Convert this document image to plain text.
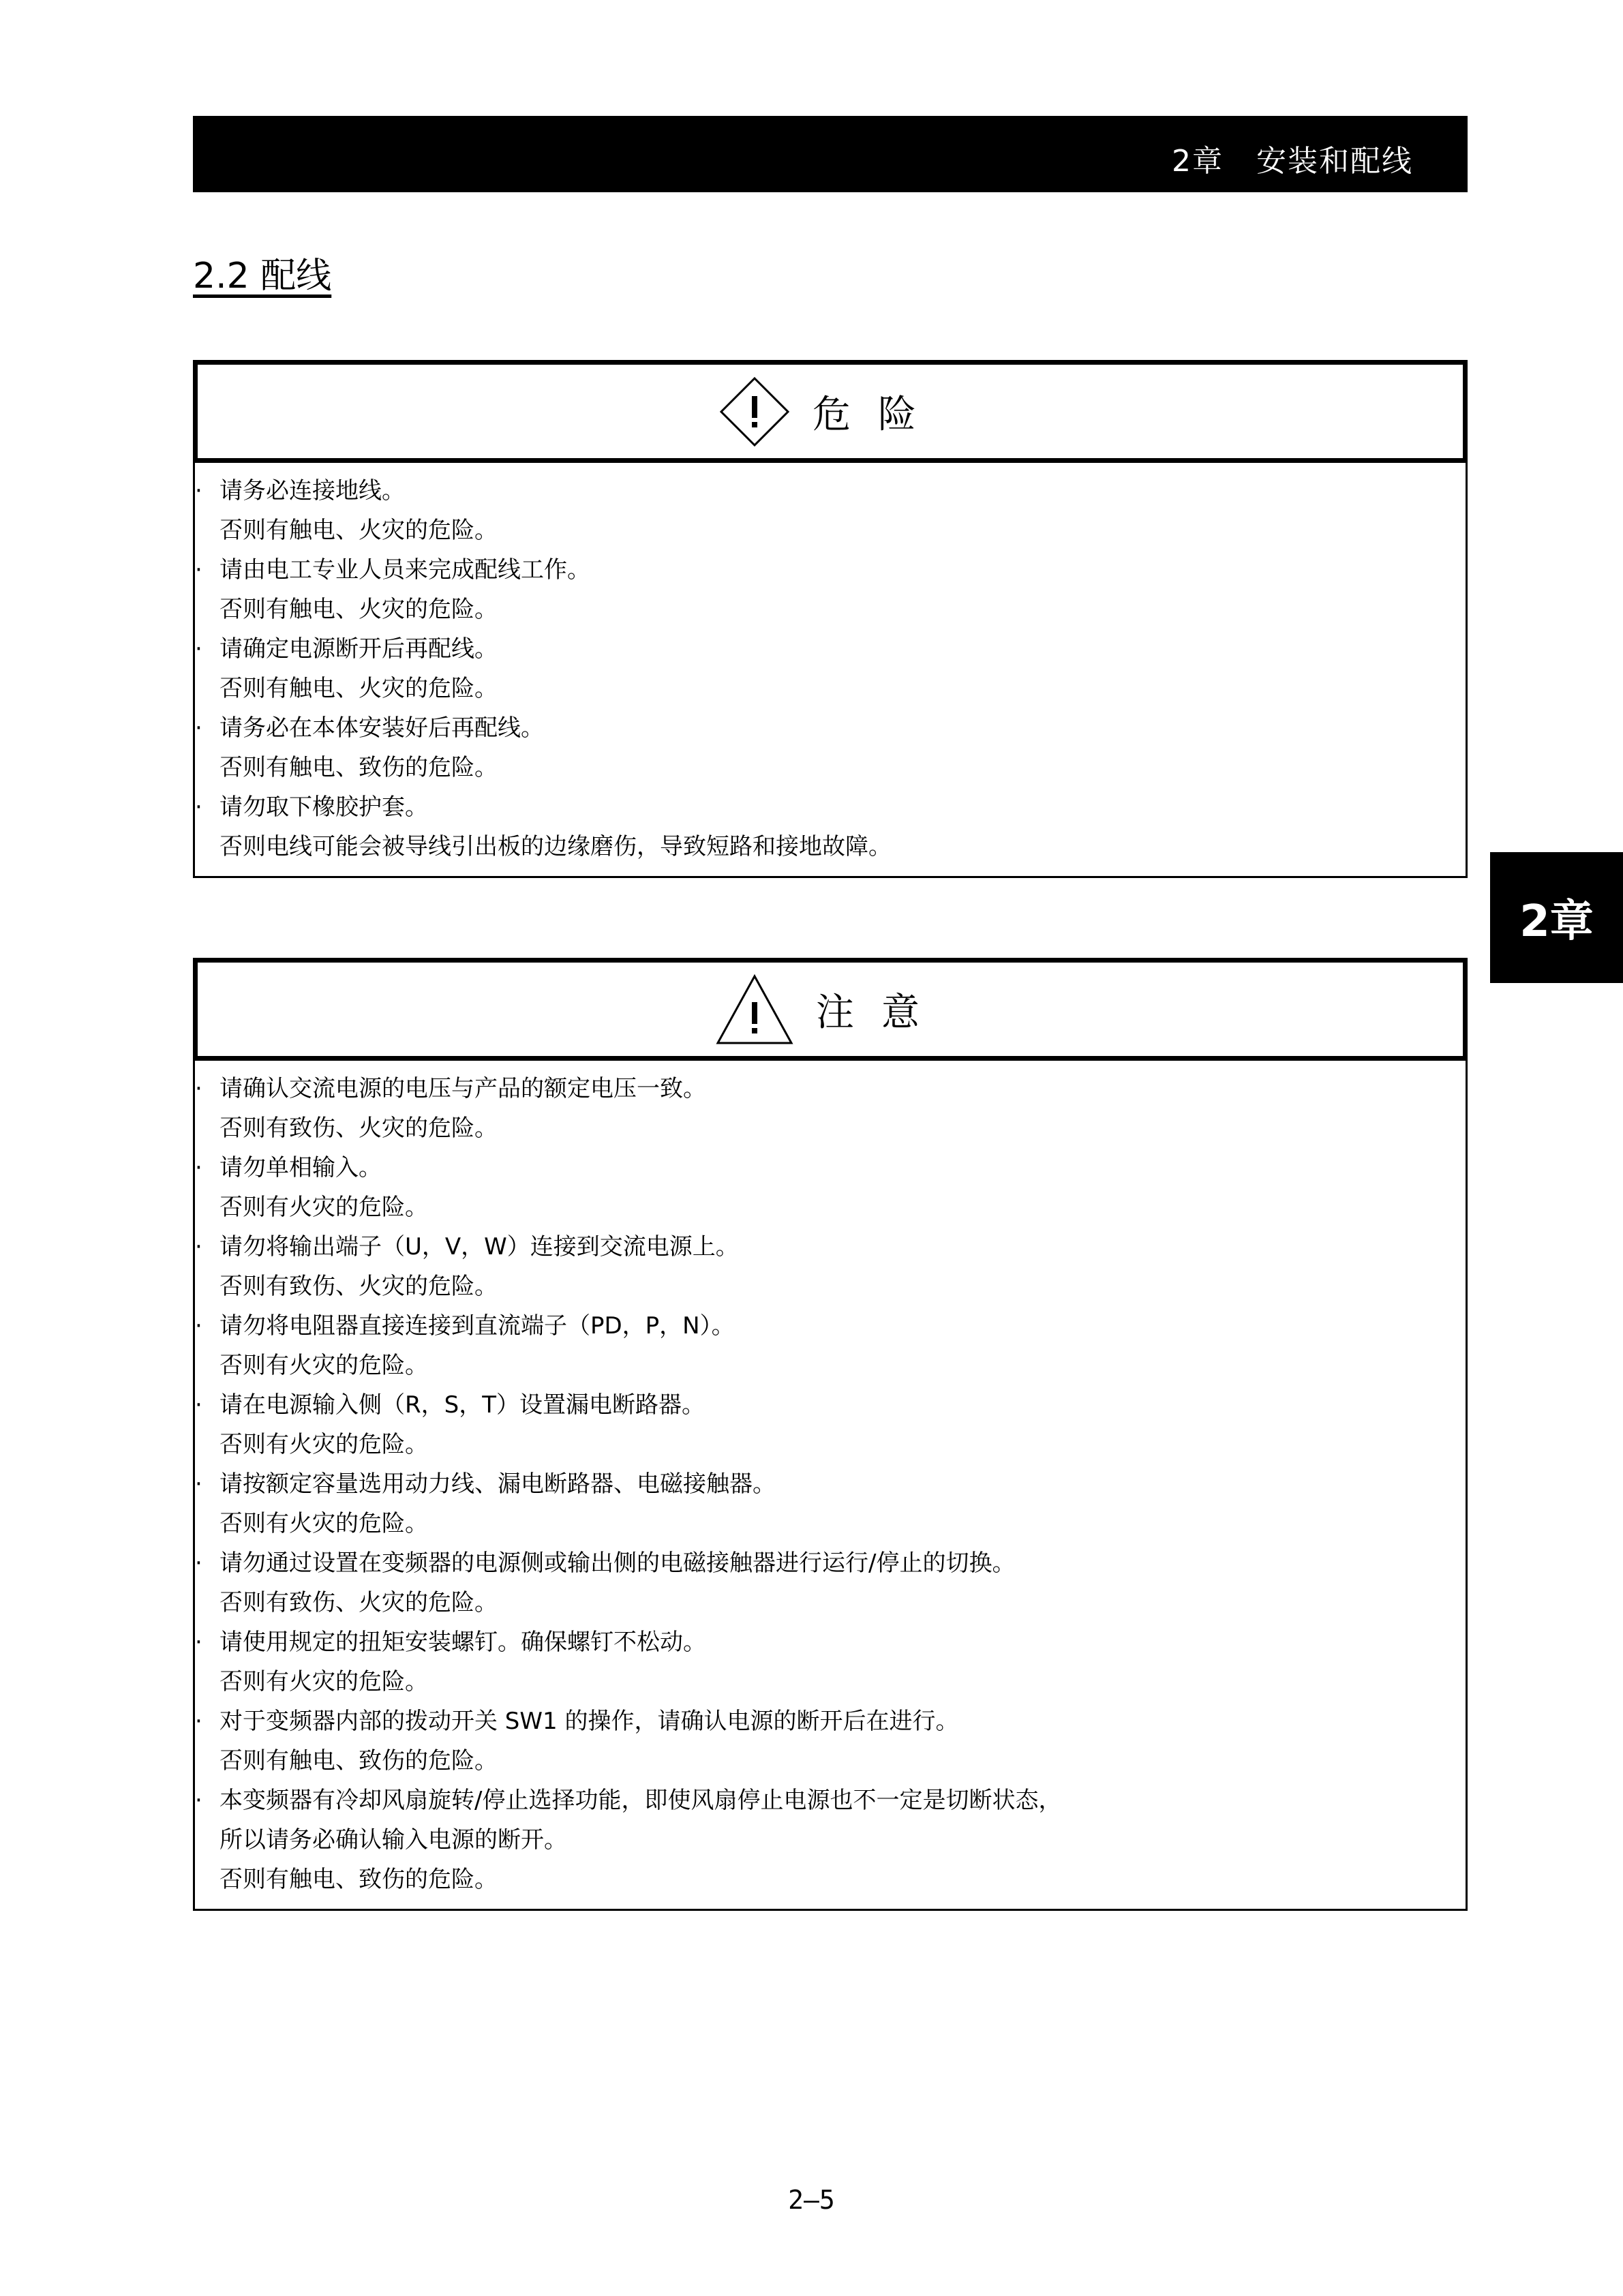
2章   安装和配线
2.2 配线
危险
· 请务必连接地线。
否则有触电、火灾的危险。
· 请由电工专业人员来完成配线工作。
否则有触电、火灾的危险。
· 请确定电源断开后再配线。
否则有触电、火灾的危险。
· 请务必在本体安装好后再配线。
否则有触电、致伤的危险。
· 请勿取下橡胶护套。
否则电线可能会被导线引出板的边缘磨伤，导致短路和接地故障。
注意
· 请确认交流电源的电压与产品的额定电压一致。
否则有致伤、火灾的危险。
· 请勿单相输入。
否则有火灾的危险。
· 请勿将输出端子（U，V，W）连接到交流电源上。
否则有致伤、火灾的危险。
· 请勿将电阻器直接连接到直流端子（PD，P，N）。
否则有火灾的危险。
· 请在电源输入侧（R，S，T）设置漏电断路器。
否则有火灾的危险。
· 请按额定容量选用动力线、漏电断路器、电磁接触器。
否则有火灾的危险。
· 请勿通过设置在变频器的电源侧或输出侧的电磁接触器进行运行/停止的切换。
否则有致伤、火灾的危险。
· 请使用规定的扭矩安装螺钉。确保螺钉不松动。
否则有火灾的危险。
· 对于变频器内部的拨动开关 SW1 的操作，请确认电源的断开后在进行。
否则有触电、致伤的危险。
· 本变频器有冷却风扇旋转/停止选择功能，即使风扇停止电源也不一定是切断状态，
所以请务必确认输入电源的断开。
否则有触电、致伤的危险。
2章
2—5
